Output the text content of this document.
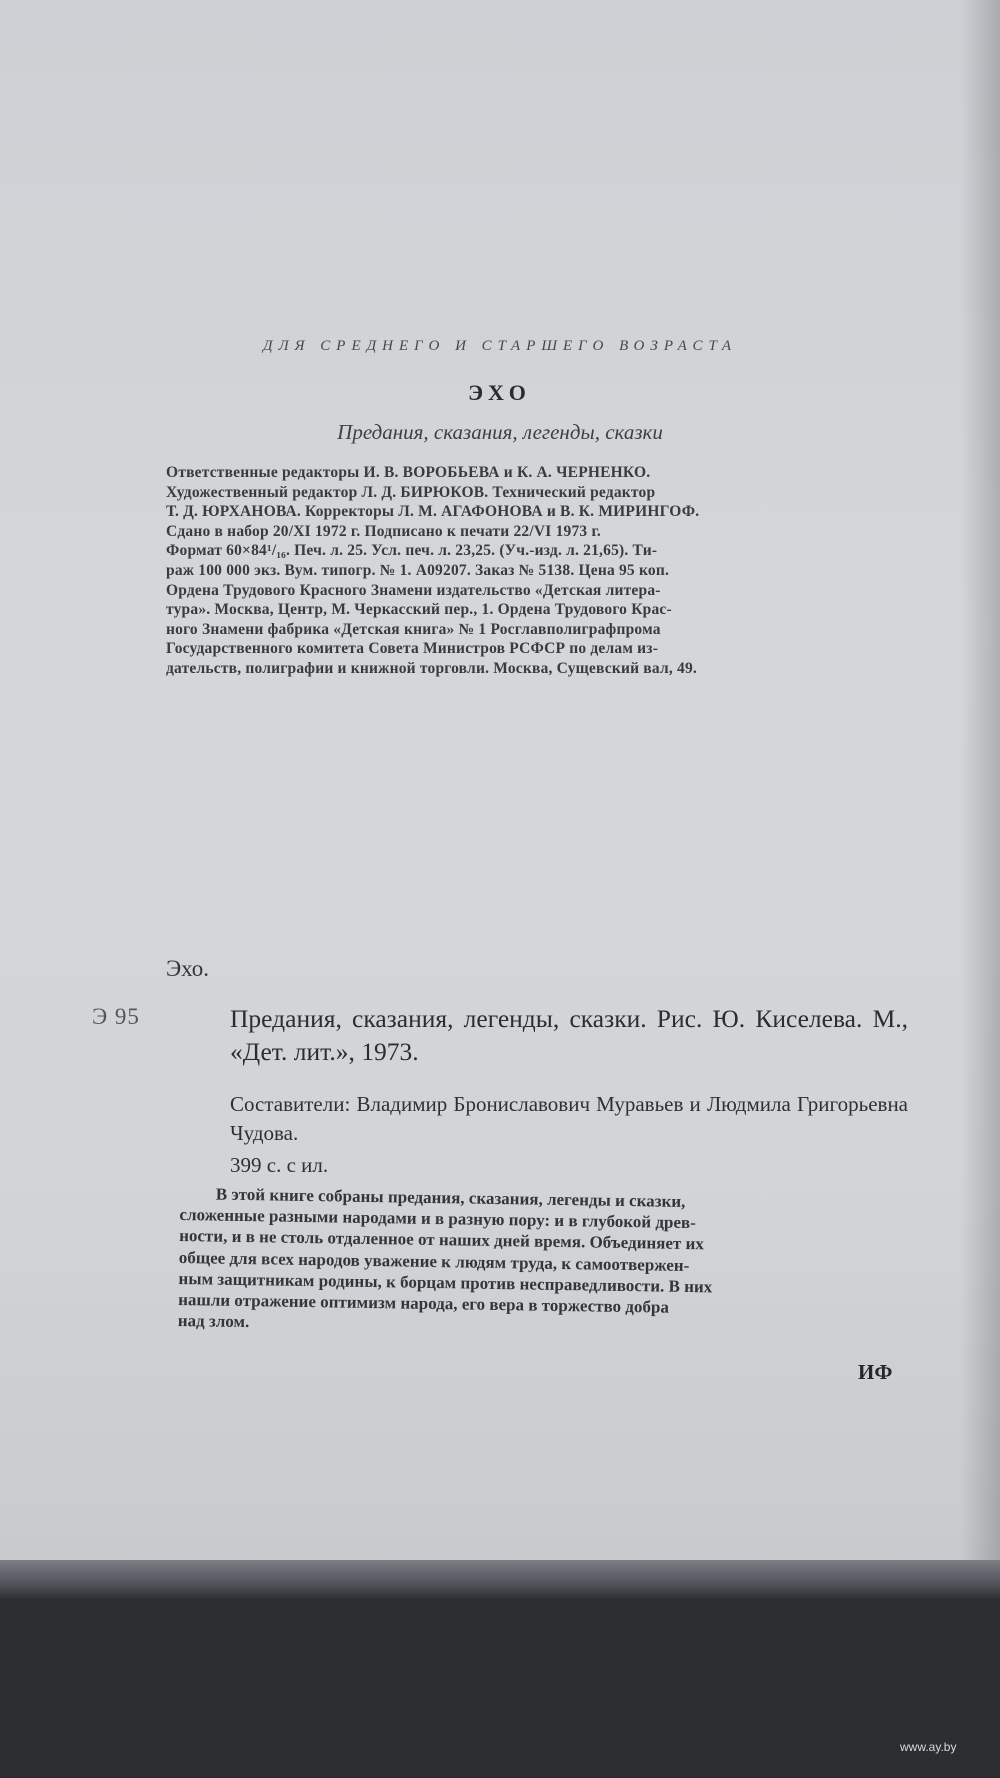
ДЛЯ СРЕДНЕГО И СТАРШЕГО ВОЗРАСТА

ЭХО

Предания, сказания, легенды, сказки

Ответственные редакторы И. В. ВОРОБЬЕВА и К. А. ЧЕРНЕНКО.
Художественный редактор Л. Д. БИРЮКОВ. Технический редактор
Т. Д. ЮРХАНОВА. Корректоры Л. М. АГАФОНОВА и В. К. МИРИНГОФ.
Сдано в набор 20/XI 1972 г. Подписано к печати 22/VI 1973 г.
Формат 60×84¹/₁₆. Печ. л. 25. Усл. печ. л. 23,25. (Уч.-изд. л. 21,65). Ти-
раж 100 000 экз. Вум. типогр. № 1. А09207. Заказ № 5138. Цена 95 коп.
Ордена Трудового Красного Знамени издательство «Детская литера-
тура». Москва, Центр, М. Черкасский пер., 1. Ордена Трудового Крас-
ного Знамени фабрика «Детская книга» № 1 Росглавполиграфпрома
Государственного комитета Совета Министров РСФСР по делам из-
дательств, полиграфии и книжной торговли. Москва, Сущевский вал, 49.

Эхо.

Э 95	Предания, сказания, легенды, сказки. Рис. Ю. Киселева. М., «Дет. лит.», 1973.

Составители: Владимир Брониславович Муравьев и Людмила Григорьевна Чудова.

399 с. с ил.

В этой книге собраны предания, сказания, легенды и сказки,
сложенные разными народами и в разную пору: и в глубокой древ-
ности, и в не столь отдаленное от наших дней время. Объединяет их
общее для всех народов уважение к людям труда, к самоотвержен-
ным защитникам родины, к борцам против несправедливости. В них
нашли отражение оптимизм народа, его вера в торжество добра
над злом.

ИФ

www.ay.by
